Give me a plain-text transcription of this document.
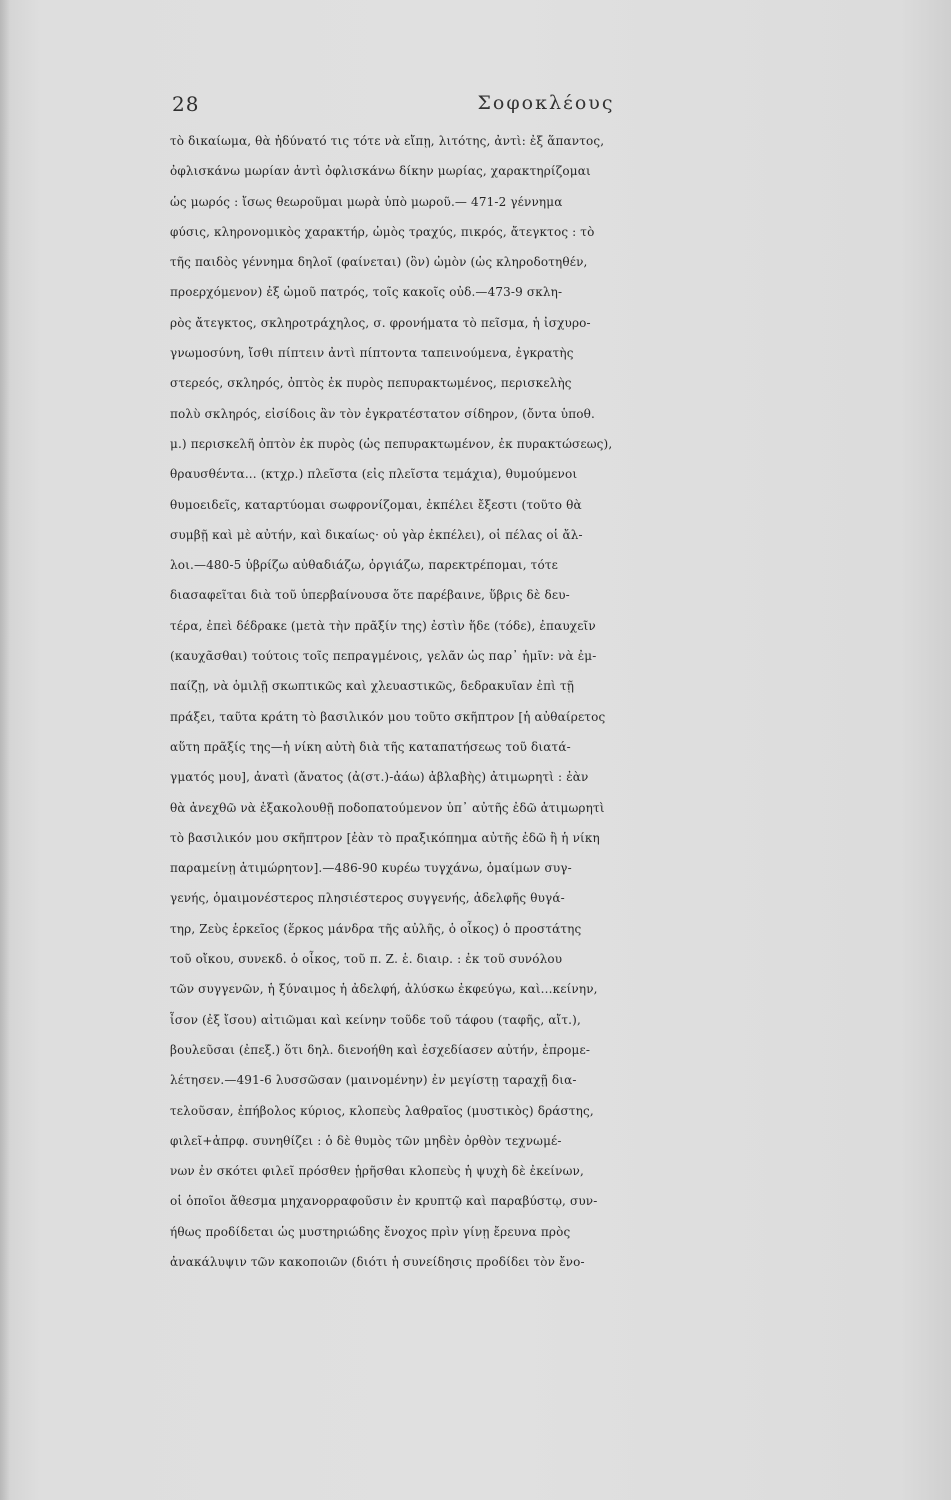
28	Σοφοκλέους
τὸ δικαίωμα, θὰ ἠδύνατό τις τότε νὰ εἴπῃ, λιτότης, ἀντὶ: ἐξ ἅπαντος,
ὀφλισκάνω μωρίαν ἀντὶ ὀφλισκάνω δίκην μωρίας, χαρακτηρίζομαι
ὡς μωρός : ἴσως θεωροῦμαι μωρὰ ὑπὸ μωροῦ.— 471-2 γέννημα
φύσις, κληρονομικὸς χαρακτήρ, ὠμὸς τραχύς, πικρός, ἄτεγκτος : τὸ
τῆς παιδὸς γέννημα δηλοῖ (φαίνεται) (ὂν) ὠμὸν (ὡς κληροδοτηθέν,
προερχόμενον) ἐξ ὠμοῦ πατρός, τοῖς κακοῖς οὐδ.—473-9 σκλη-
ρὸς ἄτεγκτος, σκληροτράχηλος, σ. φρονήματα τὸ πεῖσμα, ἡ ἰσχυρο-
γνωμοσύνη, ἴσθι πίπτειν ἀντὶ πίπτοντα ταπεινούμενα, ἐγκρατὴς
στερεός, σκληρός, ὀπτὸς ἐκ πυρὸς πεπυρακτωμένος, περισκελὴς
πολὺ σκληρός, εἰσίδοις ἂν τὸν ἐγκρατέστατον σίδηρον, (ὄντα ὑποθ.
μ.) περισκελῆ ὀπτὸν ἐκ πυρὸς (ὡς πεπυρακτωμένον, ἐκ πυρακτώσεως),
θραυσθέντα... (κτχρ.) πλεῖστα (εἰς πλεῖστα τεμάχια), θυμούμενοι
θυμοειδεῖς, καταρτύομαι σωφρονίζομαι, ἐκπέλει ἔξεστι (τοῦτο θὰ
συμβῇ καὶ μὲ αὐτήν, καὶ δικαίως· οὐ γὰρ ἐκπέλει), οἱ πέλας οἱ ἄλ-
λοι.—480-5 ὑβρίζω αὐθαδιάζω, ὀργιάζω, παρεκτρέπομαι, τότε
διασαφεῖται διὰ τοῦ ὑπερβαίνουσα ὅτε παρέβαινε, ὕβρις δὲ δευ-
τέρα, ἐπεὶ δέδρακε (μετὰ τὴν πρᾶξίν της) ἐστὶν ἥδε (τόδε), ἐπαυχεῖν
(καυχᾶσθαι) τούτοις τοῖς πεπραγμένοις, γελᾶν ὡς παρ᾽ ἡμῖν: νὰ ἐμ-
παίζῃ, νὰ ὁμιλῇ σκωπτικῶς καὶ χλευαστικῶς, δεδρακυῖαν ἐπὶ τῇ
πράξει, ταῦτα κράτη τὸ βασιλικόν μου τοῦτο σκῆπτρον [ἡ αὐθαίρετος
αὕτη πρᾶξίς της—ἡ νίκη αὐτὴ διὰ τῆς καταπατήσεως τοῦ διατά-
γματός μου], ἀνατὶ (ἄνατος (ἀ(στ.)-ἀάω) ἀβλαβὴς) ἀτιμωρητὶ : ἐὰν
θὰ ἀνεχθῶ νὰ ἐξακολουθῇ ποδοπατούμενον ὑπ᾽ αὐτῆς ἐδῶ ἀτιμωρητὶ
τὸ βασιλικόν μου σκῆπτρον [ἐὰν τὸ πραξικόπημα αὐτῆς ἐδῶ ἢ ἡ νίκη
παραμείνῃ ἀτιμώρητον].—486-90 κυρέω τυγχάνω, ὁμαίμων συγ-
γενής, ὁμαιμονέστερος πλησιέστερος συγγενής, ἀδελφῆς θυγά-
τηρ, Ζεὺς ἑρκεῖος (ἕρκος μάνδρα τῆς αὐλῆς, ὁ οἶκος) ὁ προστάτης
τοῦ οἴκου, συνεκδ. ὁ οἶκος, τοῦ π. Ζ. ἑ. διαιρ. : ἐκ τοῦ συνόλου
τῶν συγγενῶν, ἡ ξύναιμος ἡ ἀδελφή, ἀλύσκω ἐκφεύγω, καὶ...κείνην,
ἶσον (ἐξ ἴσου) αἰτιῶμαι καὶ κείνην τοῦδε τοῦ τάφου (ταφῆς, αἴτ.),
βουλεῦσαι (ἐπεξ.) ὅτι δηλ. διενοήθη καὶ ἐσχεδίασεν αὐτήν, ἐπρομε-
λέτησεν.—491-6 λυσσῶσαν (μαινομένην) ἐν μεγίστῃ ταραχῇ δια-
τελοῦσαν, ἐπήβολος κύριος, κλοπεὺς λαθραῖος (μυστικὸς) δράστης,
φιλεῖ+ἀπρφ. συνηθίζει : ὁ δὲ θυμὸς τῶν μηδὲν ὀρθὸν τεχνωμέ-
νων ἐν σκότει φιλεῖ πρόσθεν ᾑρῆσθαι κλοπεὺς ἡ ψυχὴ δὲ ἐκείνων,
οἱ ὁποῖοι ἄθεσμα μηχανορραφοῦσιν ἐν κρυπτῷ καὶ παραβύστῳ, συν-
ήθως προδίδεται ὡς μυστηριώδης ἔνοχος πρὶν γίνῃ ἔρευνα πρὸς
ἀνακάλυψιν τῶν κακοποιῶν (διότι ἡ συνείδησις προδίδει τὸν ἔνο-
